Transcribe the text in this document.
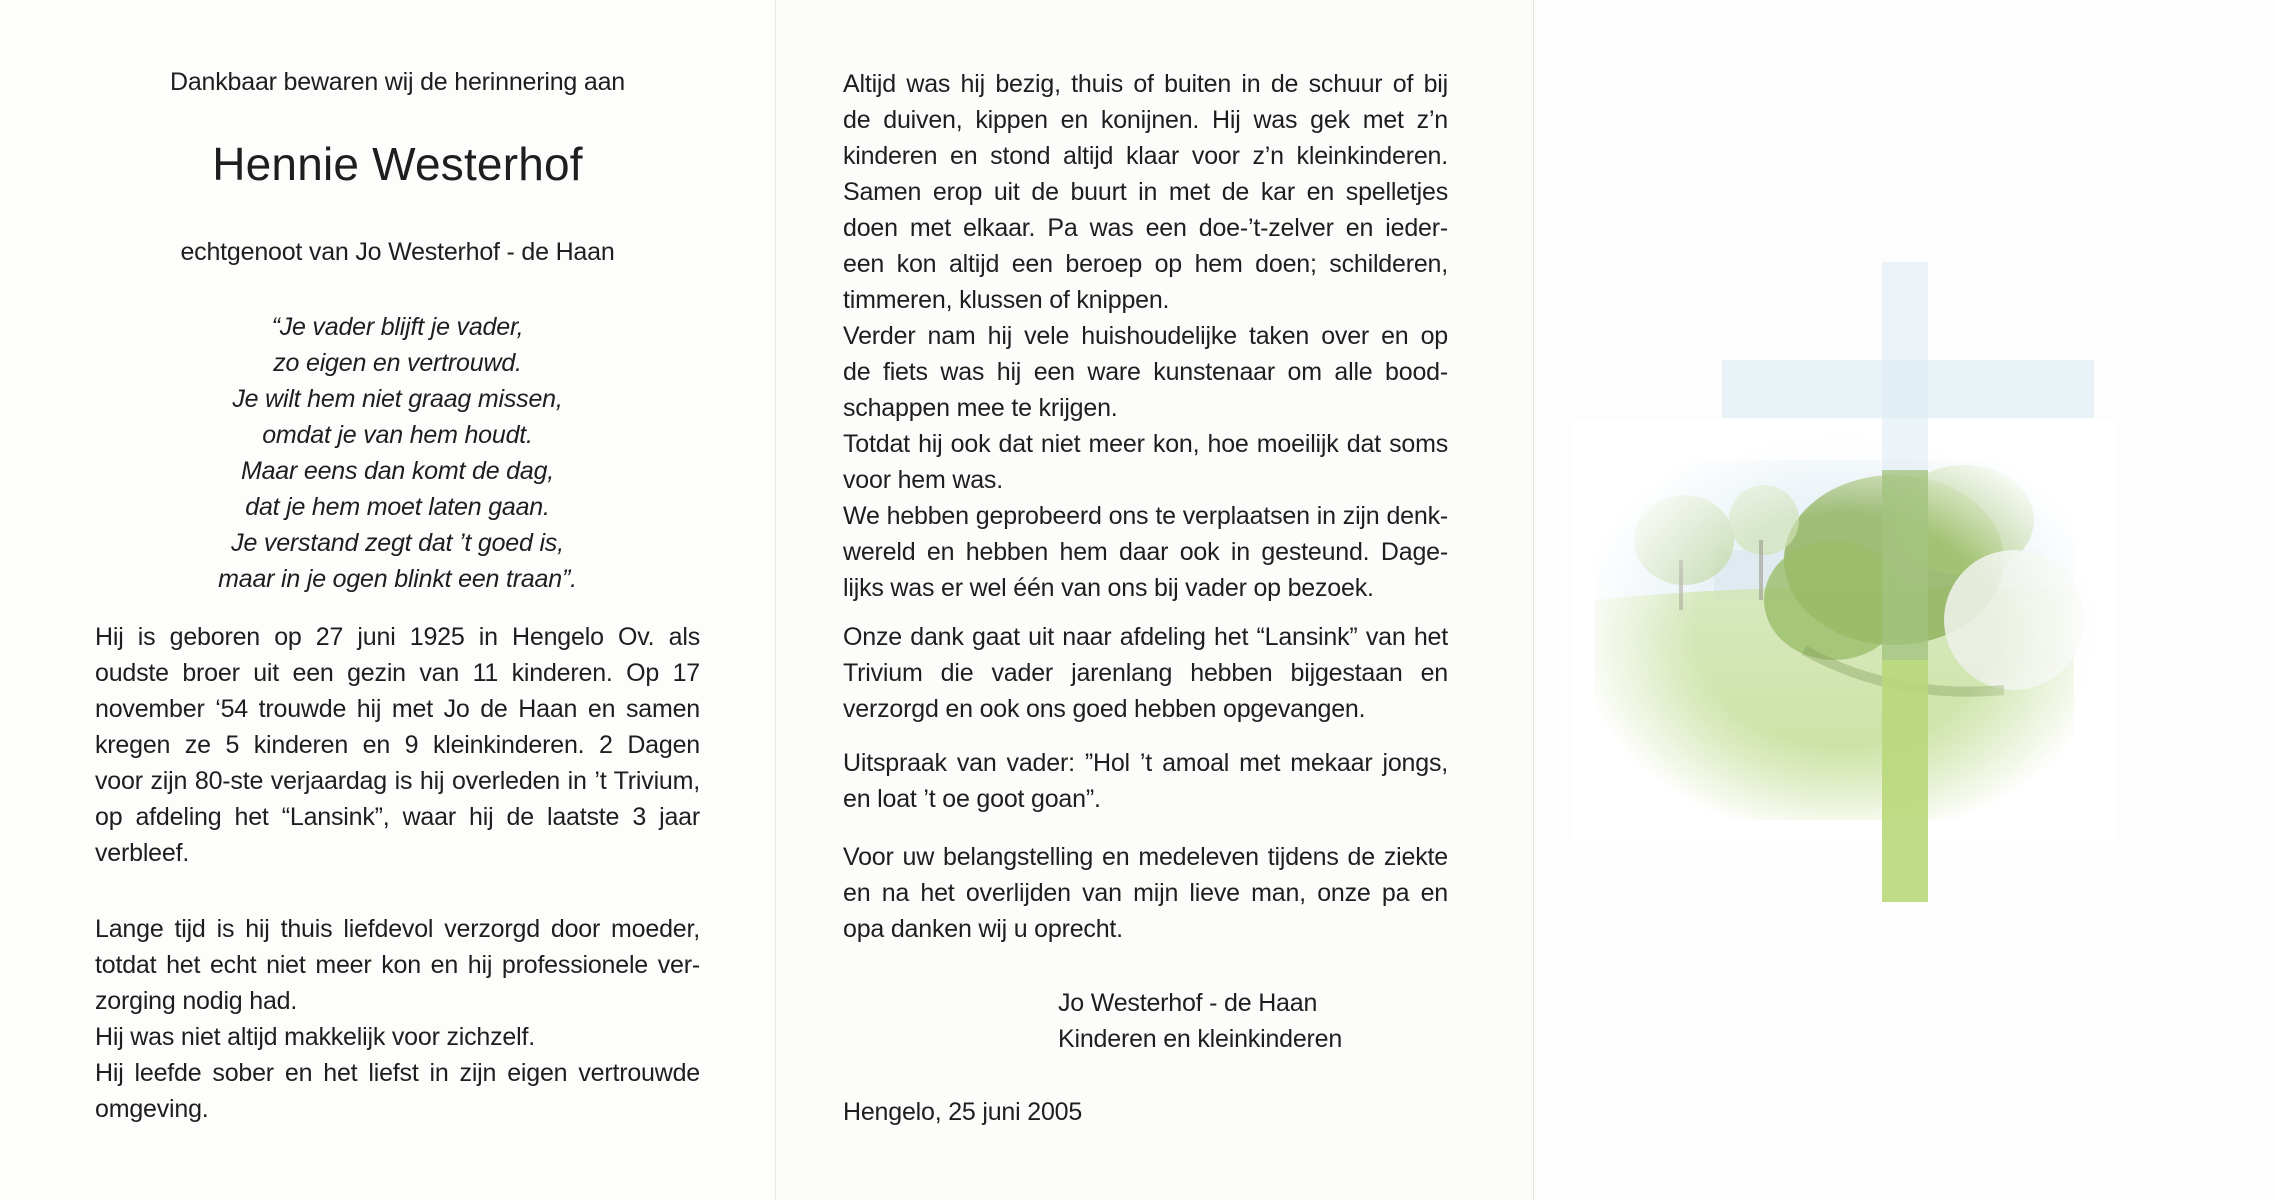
Dankbaar bewaren wij de herinnering aan
Hennie Westerhof
echtgenoot van Jo Westerhof - de Haan
“Je vader blijft je vader,
zo eigen en vertrouwd.
Je wilt hem niet graag missen,
omdat je van hem houdt.
Maar eens dan komt de dag,
dat je hem moet laten gaan.
Je verstand zegt dat ’t goed is,
maar in je ogen blinkt een traan”.
Hij is geboren op 27 juni 1925 in Hengelo Ov. als
oudste broer uit een gezin van 11 kinderen. Op 17
november ‘54 trouwde hij met Jo de Haan en samen
kregen ze 5 kinderen en 9 kleinkinderen. 2 Dagen
voor zijn 80-ste verjaardag is hij overleden in ’t Trivium,
op afdeling het “Lansink”, waar hij de laatste 3 jaar
verbleef.
Lange tijd is hij thuis liefdevol verzorgd door moeder,
totdat het echt niet meer kon en hij professionele ver-
zorging nodig had.
Hij was niet altijd makkelijk voor zichzelf.
Hij leefde sober en het liefst in zijn eigen vertrouwde
omgeving.
Altijd was hij bezig, thuis of buiten in de schuur of bij
de duiven, kippen en konijnen. Hij was gek met z’n
kinderen en stond altijd klaar voor z’n kleinkinderen.
Samen erop uit de buurt in met de kar en spelletjes
doen met elkaar. Pa was een doe-’t-zelver en ieder-
een kon altijd een beroep op hem doen; schilderen,
timmeren, klussen of knippen.
Verder nam hij vele huishoudelijke taken over en op
de fiets was hij een ware kunstenaar om alle bood-
schappen mee te krijgen.
Totdat hij ook dat niet meer kon, hoe moeilijk dat soms
voor hem was.
We hebben geprobeerd ons te verplaatsen in zijn denk-
wereld en hebben hem daar ook in gesteund. Dage-
lijks was er wel één van ons bij vader op bezoek.
Onze dank gaat uit naar afdeling het “Lansink” van het
Trivium die vader jarenlang hebben bijgestaan en
verzorgd en ook ons goed hebben opgevangen.
Uitspraak van vader: ”Hol ’t amoal met mekaar jongs,
en loat ’t oe goot goan”.
Voor uw belangstelling en medeleven tijdens de ziekte
en na het overlijden van mijn lieve man, onze pa en
opa danken wij u oprecht.
Jo Westerhof - de Haan
Kinderen en kleinkinderen
Hengelo, 25 juni 2005
